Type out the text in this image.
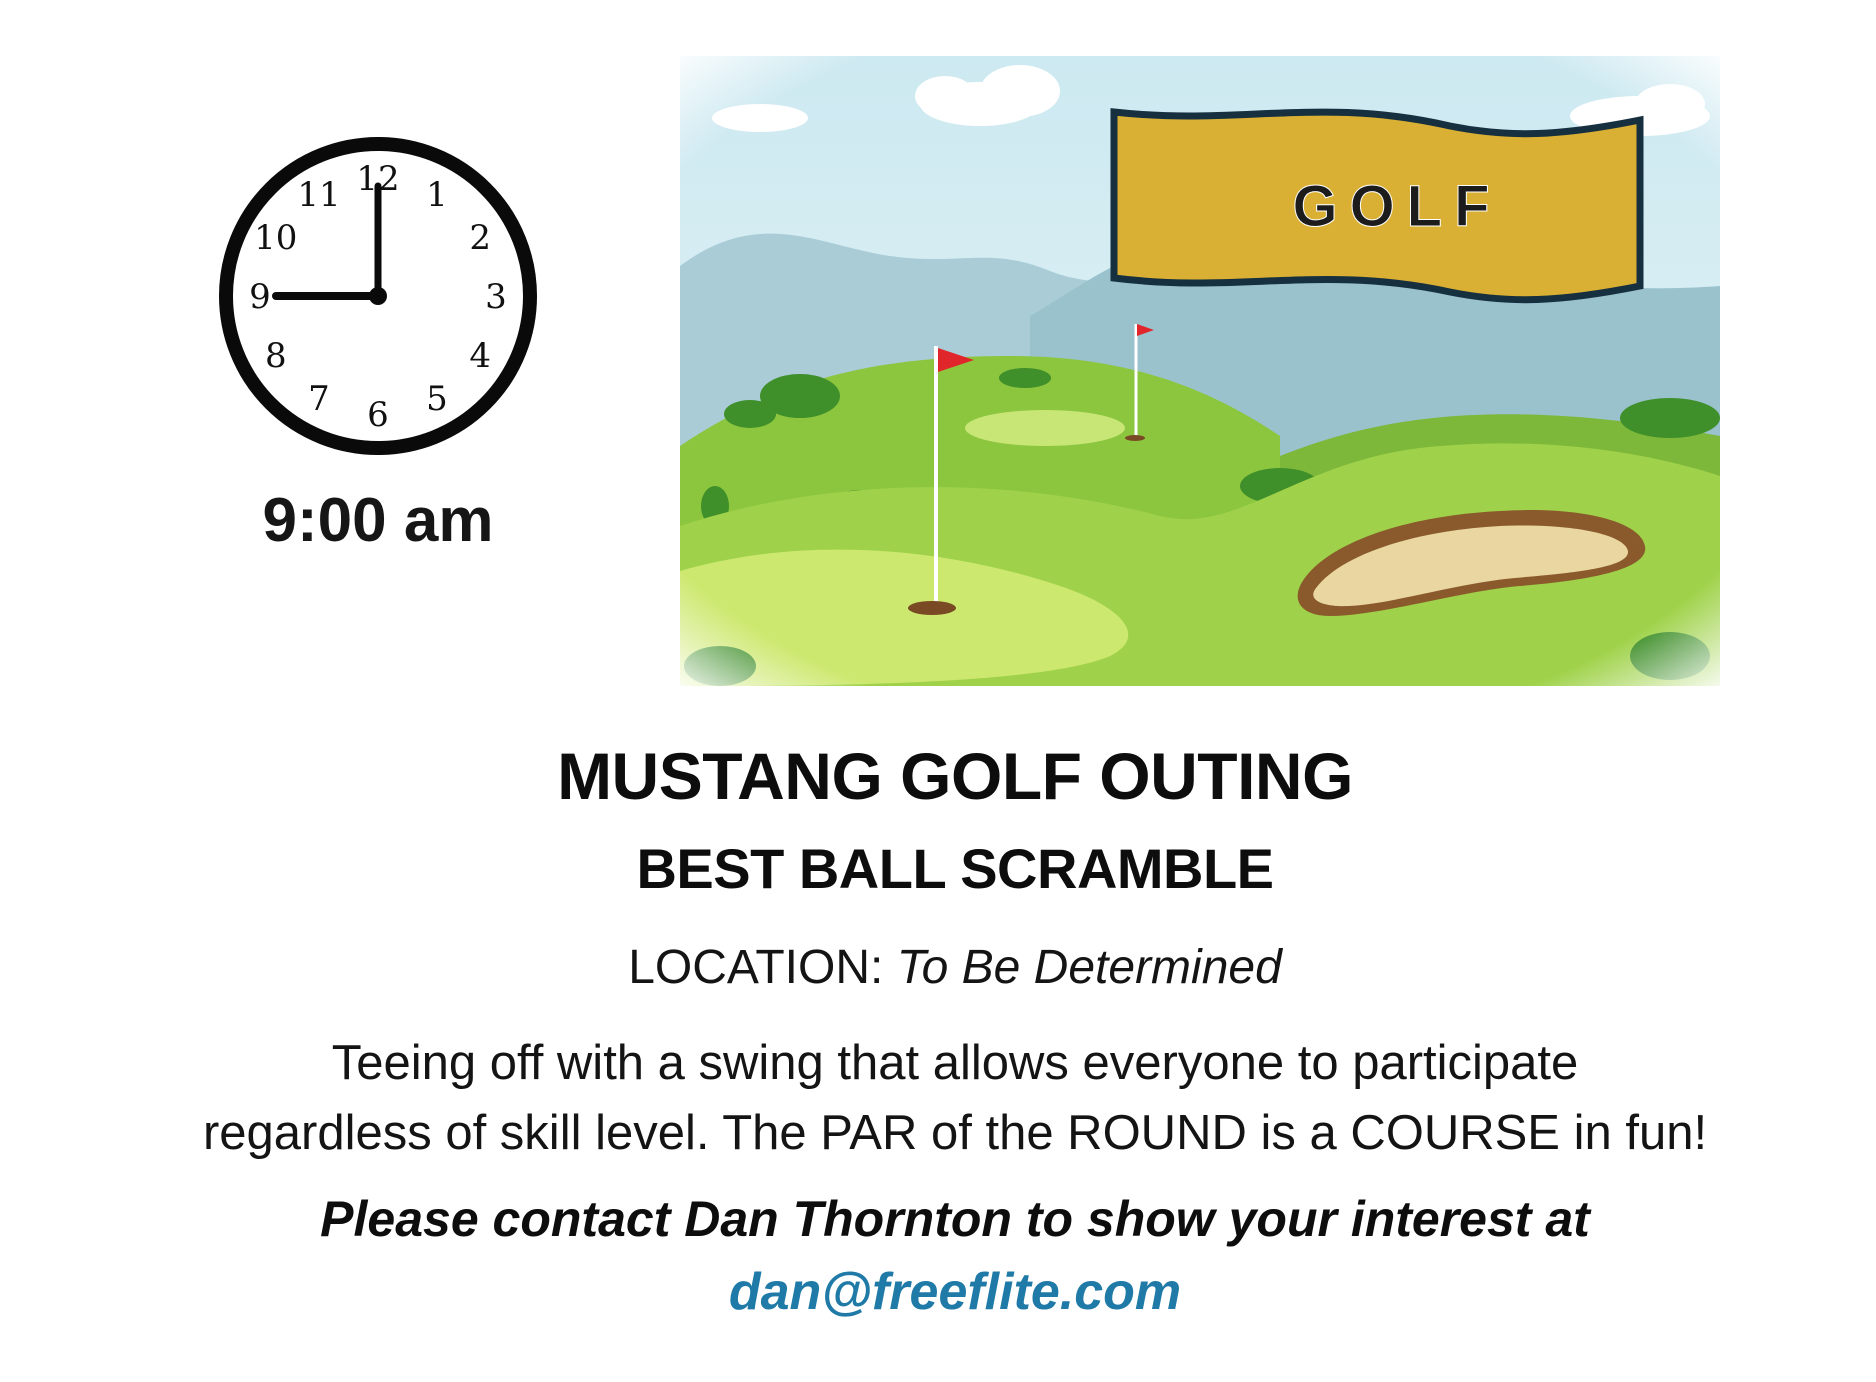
12 1
2
3
4
5
6
7
8
9
10
11
9:00 am
MUSTANG GOLF OUTING
BEST BALL SCRAMBLE
LOCATION: To Be Determined
Teeing off with a swing that allows everyone to participate
regardless of skill level. The PAR of the ROUND is a COURSE in fun!
Please contact Dan Thornton to show your interest at
dan@freeflite.com
